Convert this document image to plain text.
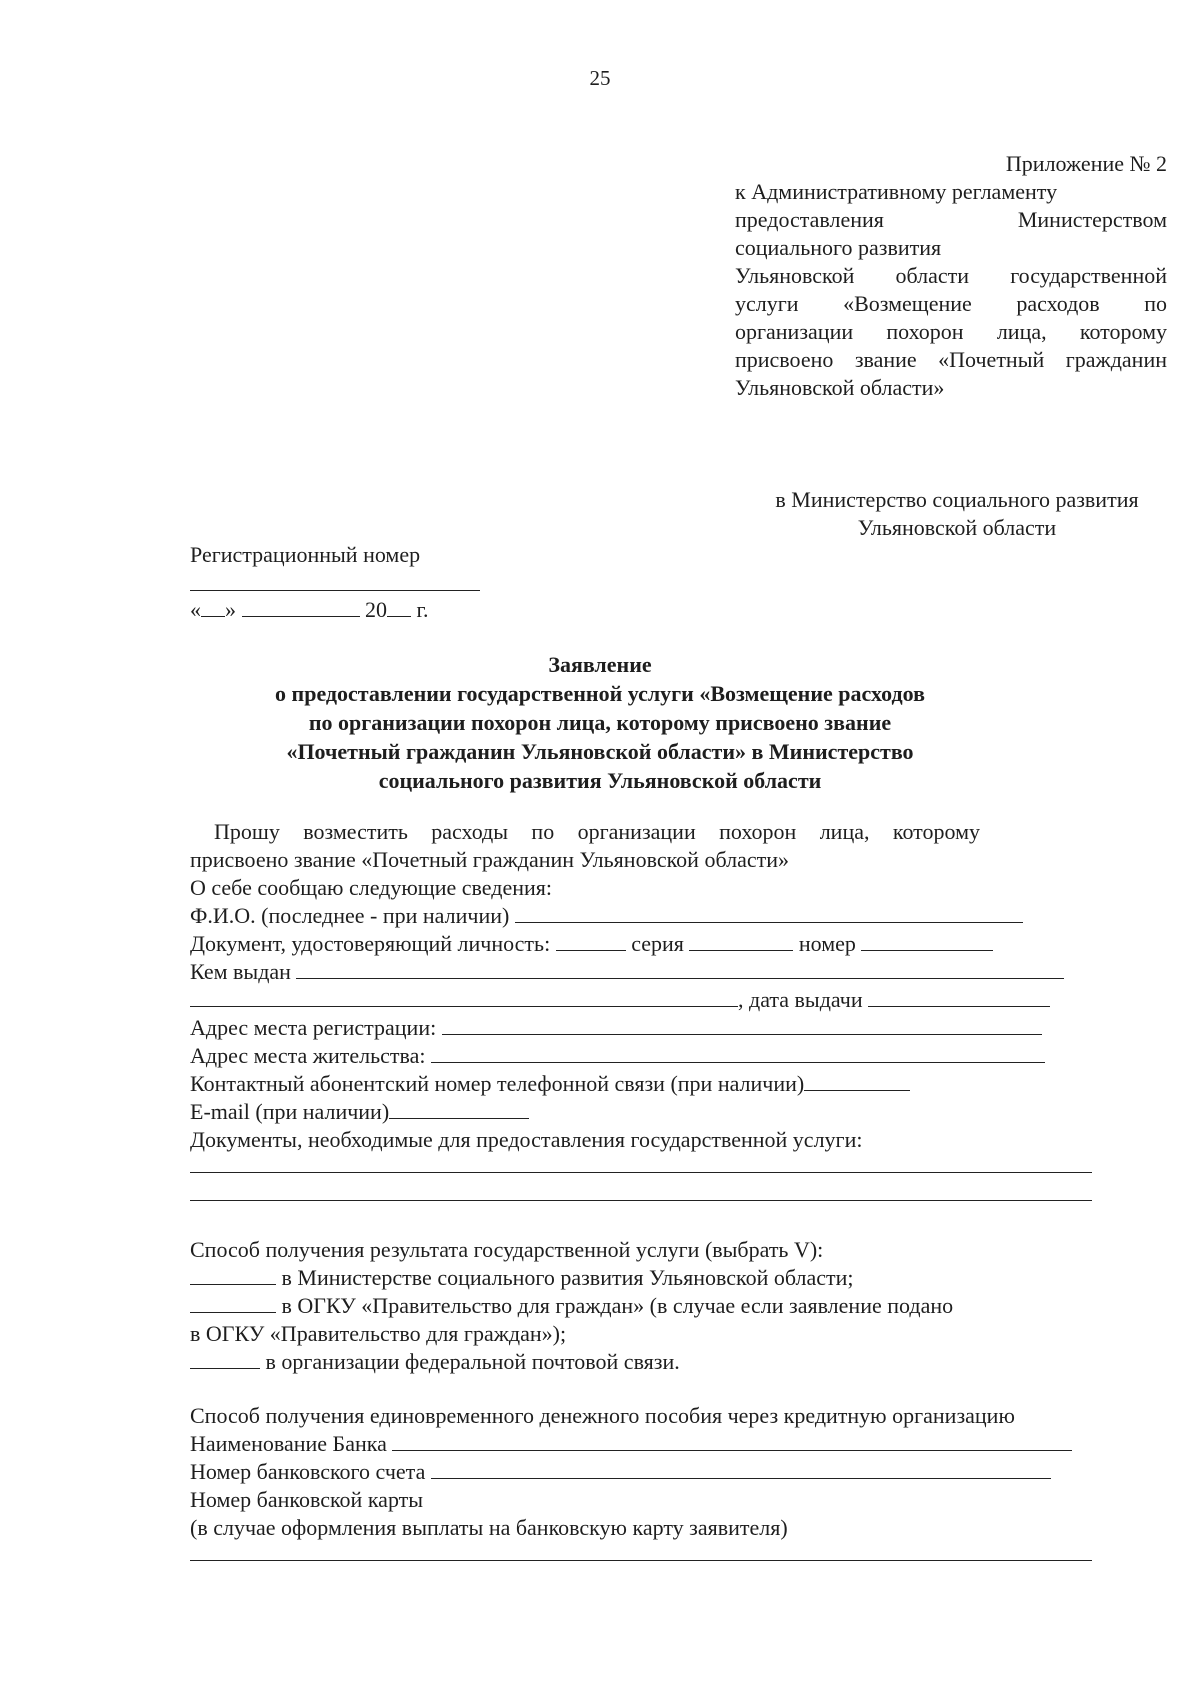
25
Приложение № 2
к Административному регламенту
предоставления Министерством
социального развития
Ульяновской области государственной
услуги «Возмещение расходов по
организации похорон лица, которому
присвоено звание «Почетный гражданин
Ульяновской области»
в Министерство социального развития
Ульяновской области
Регистрационный номер
« »	20 г.
Заявление
о предоставлении государственной услуги «Возмещение расходов
по организации похорон лица, которому присвоено звание
«Почетный гражданин Ульяновской области» в Министерство
социального развития Ульяновской области
Прошу возместить расходы по организации похорон лица, которому
присвоено звание «Почетный гражданин Ульяновской области»
О себе сообщаю следующие сведения:
Ф.И.О. (последнее - при наличии)
Документ, удостоверяющий личность:	серия	номер
Кем выдан
, дата выдачи
Адрес места регистрации:
Адрес места жительства:
Контактный абонентский номер телефонной связи (при наличии)
E-mail (при наличии)
Документы, необходимые для предоставления государственной услуги:
Способ получения результата государственной услуги (выбрать V):
в Министерстве социального развития Ульяновской области;
в ОГКУ «Правительство для граждан» (в случае если заявление подано
в ОГКУ «Правительство для граждан»);
в организации федеральной почтовой связи.
Способ получения единовременного денежного пособия через кредитную организацию
Наименование Банка
Номер банковского счета
Номер банковской карты
(в случае оформления выплаты на банковскую карту заявителя)
